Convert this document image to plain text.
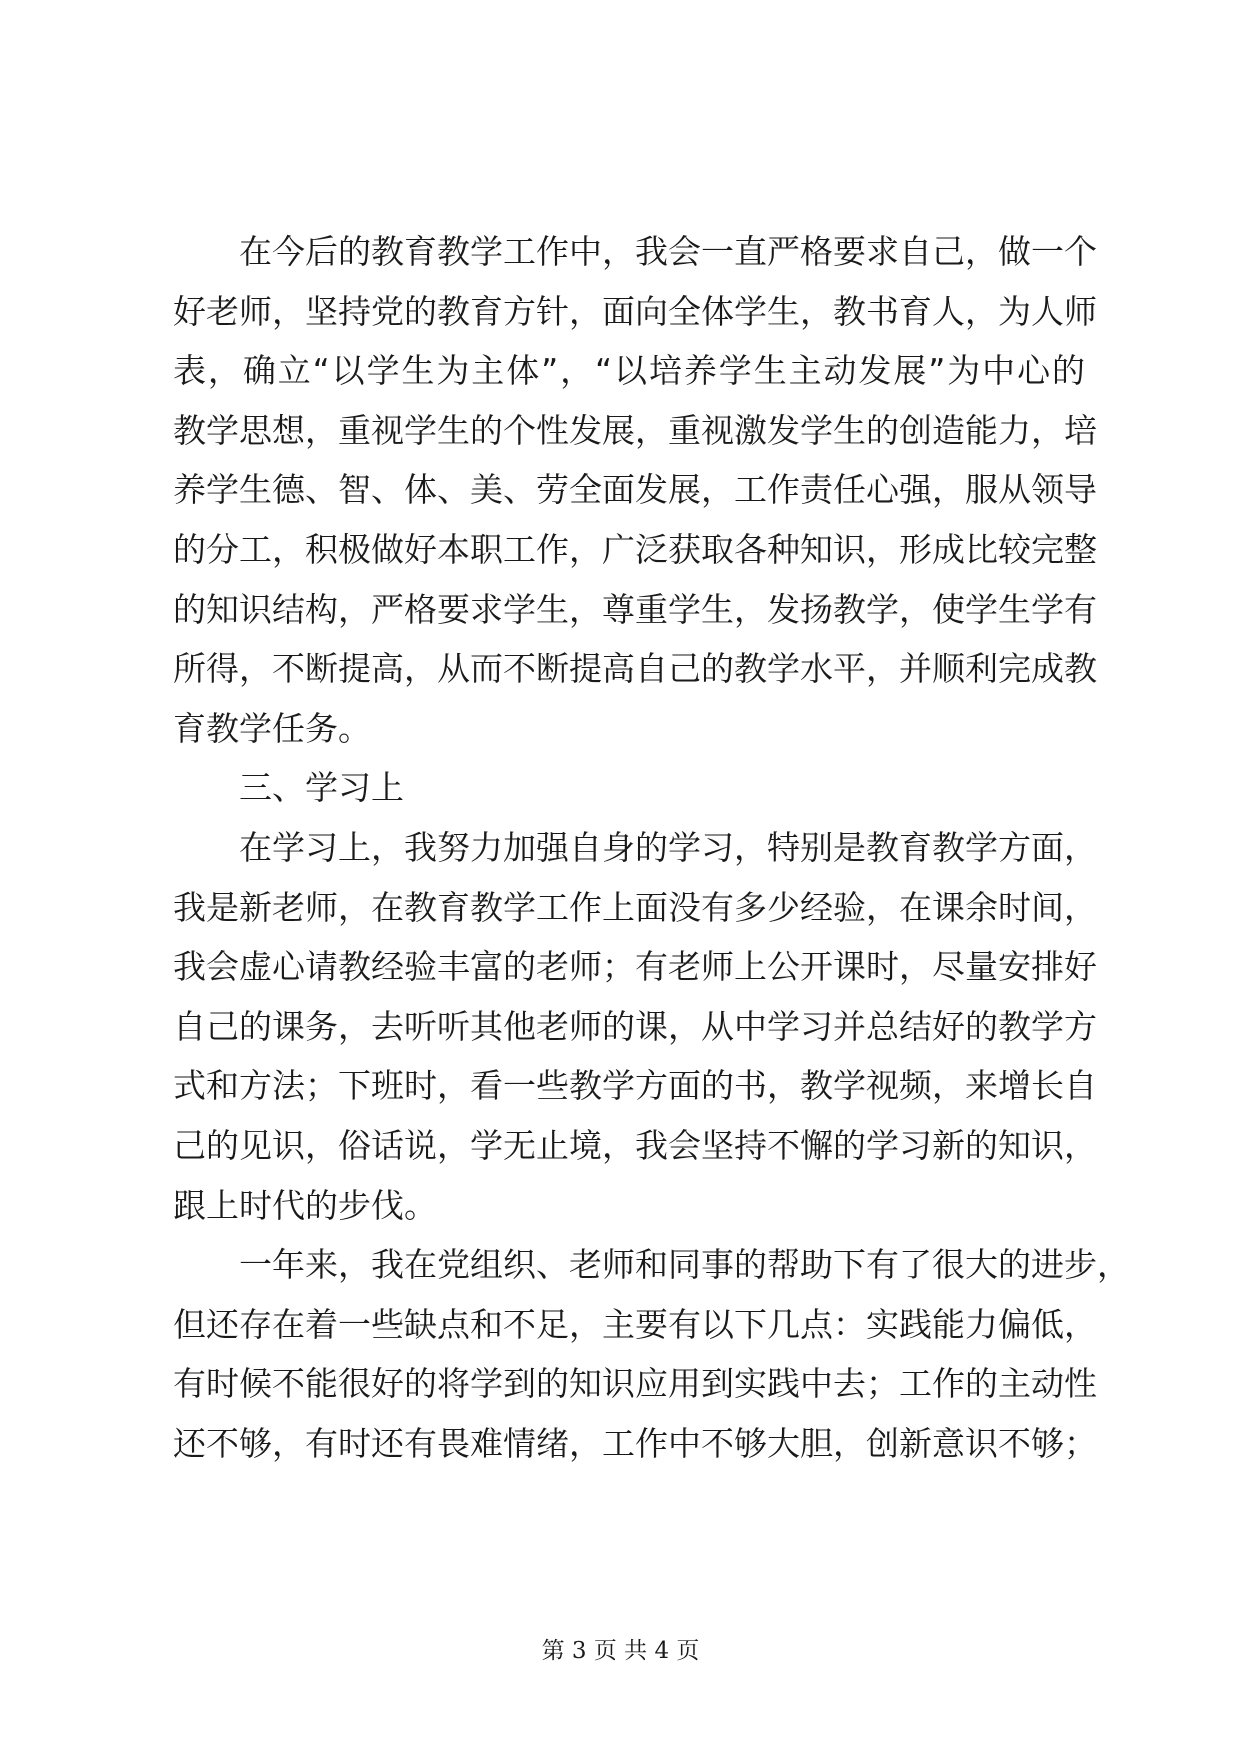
在今后的教育教学工作中，我会一直严格要求自己，做一个
好老师，坚持党的教育方针，面向全体学生，教书育人，为人师
表，确立“以学生为主体”，“以培养学生主动发展”为中心的
教学思想，重视学生的个性发展，重视激发学生的创造能力，培
养学生德、智、体、美、劳全面发展，工作责任心强，服从领导
的分工，积极做好本职工作，广泛获取各种知识，形成比较完整
的知识结构，严格要求学生，尊重学生，发扬教学，使学生学有
所得，不断提高，从而不断提高自己的教学水平，并顺利完成教
育教学任务。
三、学习上
在学习上，我努力加强自身的学习，特别是教育教学方面，
我是新老师，在教育教学工作上面没有多少经验，在课余时间，
我会虚心请教经验丰富的老师；有老师上公开课时，尽量安排好
自己的课务，去听听其他老师的课，从中学习并总结好的教学方
式和方法；下班时，看一些教学方面的书，教学视频，来增长自
己的见识，俗话说，学无止境，我会坚持不懈的学习新的知识，
跟上时代的步伐。
一年来，我在党组织、老师和同事的帮助下有了很大的进步，
但还存在着一些缺点和不足，主要有以下几点：实践能力偏低，
有时候不能很好的将学到的知识应用到实践中去；工作的主动性
还不够，有时还有畏难情绪，工作中不够大胆，创新意识不够；
第 3 页 共 4 页
